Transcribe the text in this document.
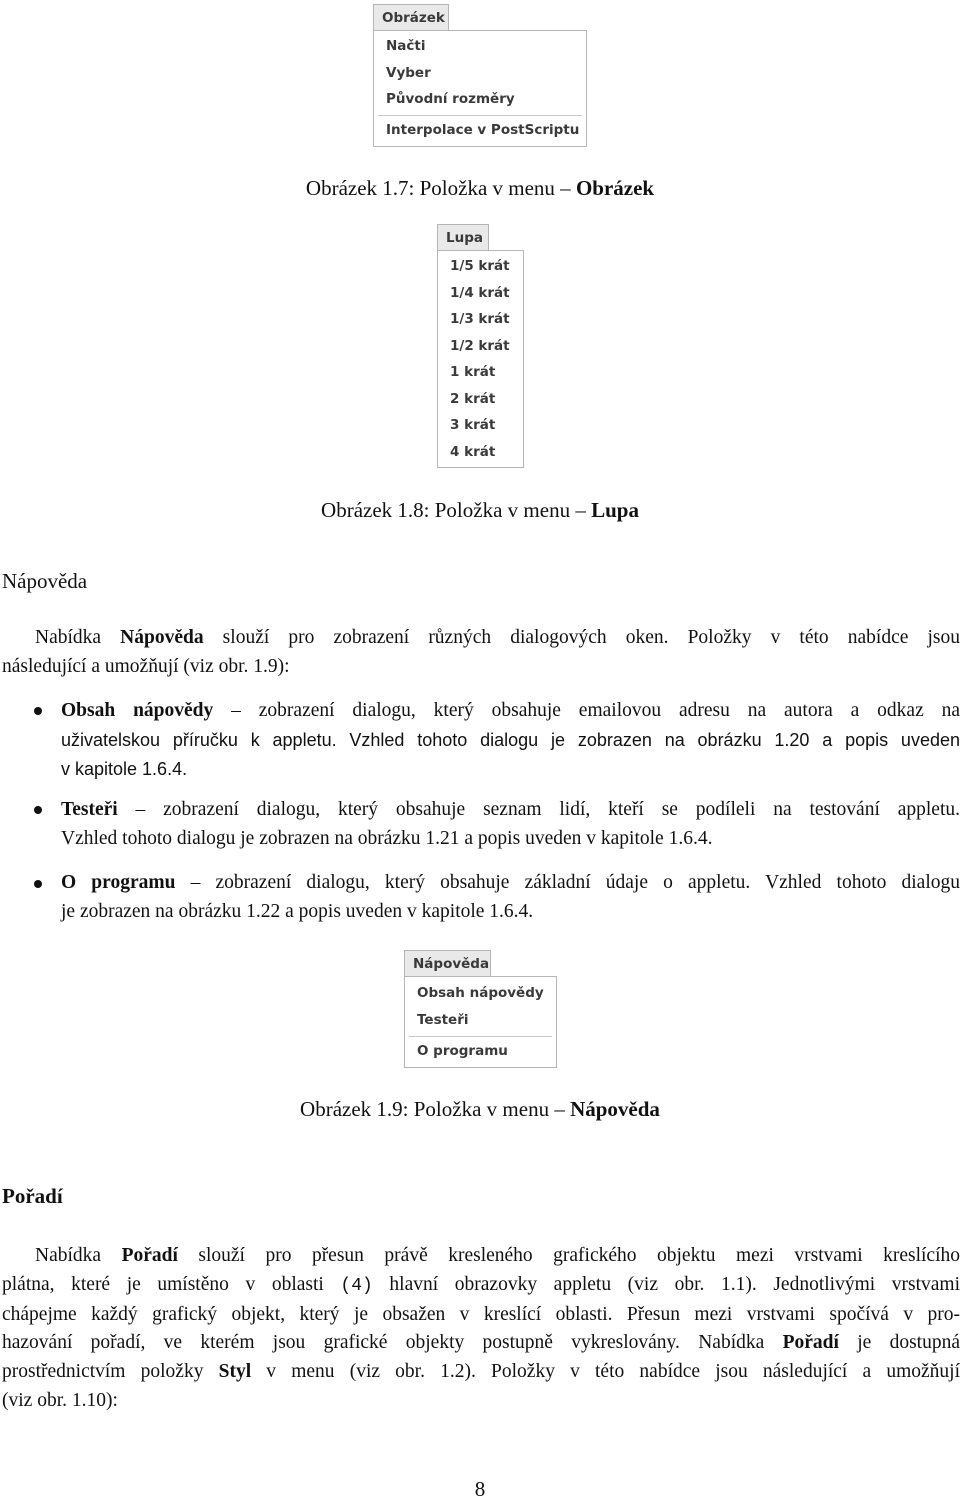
Obrázek
Načti
Vyber
Původní rozměry
Interpolace v PostScriptu
Obrázek 1.7: Položka v menu – Obrázek
Lupa
1/5 krát
1/4 krát
1/3 krát
1/2 krát
1 krát
2 krát
3 krát
4 krát
Obrázek 1.8: Položka v menu – Lupa
Nápověda
Nabídka Nápověda slouží pro zobrazení různých dialogových oken. Položky v této nabídce jsou
následující a umožňují (viz obr. 1.9):
Obsah nápovědy – zobrazení dialogu, který obsahuje emailovou adresu na autora a odkaz na
uživatelskou příručku k appletu. Vzhled tohoto dialogu je zobrazen na obrázku 1.20 a popis uveden
v kapitole 1.6.4.
Testeři – zobrazení dialogu, který obsahuje seznam lidí, kteří se podíleli na testování appletu.
Vzhled tohoto dialogu je zobrazen na obrázku 1.21 a popis uveden v kapitole 1.6.4.
O programu – zobrazení dialogu, který obsahuje základní údaje o appletu. Vzhled tohoto dialogu
je zobrazen na obrázku 1.22 a popis uveden v kapitole 1.6.4.
Nápověda
Obsah nápovědy
Testeři
O programu
Obrázek 1.9: Položka v menu – Nápověda
Pořadí
Nabídka Pořadí slouží pro přesun právě kresleného grafického objektu mezi vrstvami kreslícího
plátna, které je umístěno v oblasti (4) hlavní obrazovky appletu (viz obr. 1.1). Jednotlivými vrstvami
chápejme každý grafický objekt, který je obsažen v kreslící oblasti. Přesun mezi vrstvami spočívá v pro-
hazování pořadí, ve kterém jsou grafické objekty postupně vykreslovány. Nabídka Pořadí je dostupná
prostřednictvím položky Styl v menu (viz obr. 1.2). Položky v této nabídce jsou následující a umožňují
(viz obr. 1.10):
8
